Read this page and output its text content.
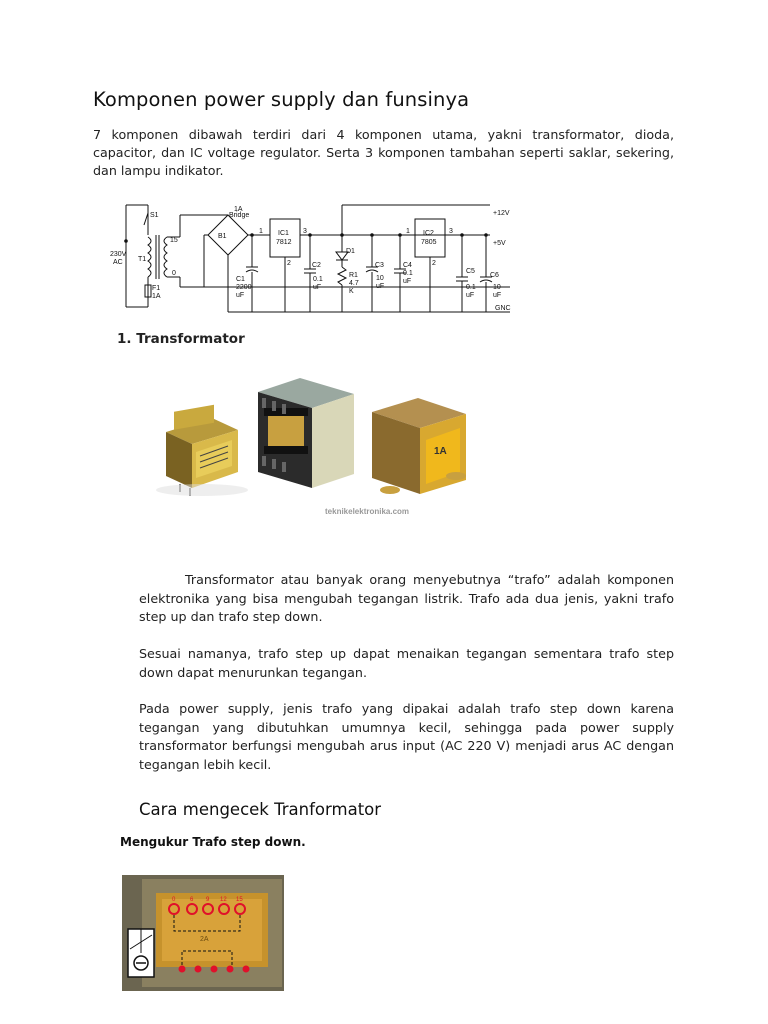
Komponen power supply dan funsinya
7 komponen dibawah terdiri dari 4 komponen utama, yakni transformator, dioda, capacitor, dan IC voltage regulator. Serta 3 komponen tambahan seperti saklar, sekering, dan lampu indikator.
S1
T1
230V
AC
F1
1A
15
0
B1
1A
Bridge
IC1
7812
1	3
2
IC2
7805
1	3
2
D1
C1
2200
uF
C2
0.1
uF
R1
4.7
K
C3
10
uF
C4
0.1
uF
C5
0.1
uF
C6
10
uF
+12V
+5V
GNC
1. Transformator
1A
teknikelektronika.com
Transformator atau banyak orang menyebutnya “trafo” adalah komponen elektronika yang bisa mengubah tegangan listrik. Trafo ada dua jenis, yakni trafo step up dan trafo step down.
Sesuai namanya, trafo step up dapat menaikan tegangan sementara trafo step down dapat menurunkan tegangan.
Pada power supply, jenis trafo yang dipakai adalah trafo step down karena tegangan yang dibutuhkan umumnya kecil, sehingga pada power supply transformator berfungsi mengubah arus input (AC 220 V) menjadi arus AC dengan tegangan lebih kecil.
Cara mengecek Tranformator
Mengukur Trafo step down.
0 6 9 12 15
2A
